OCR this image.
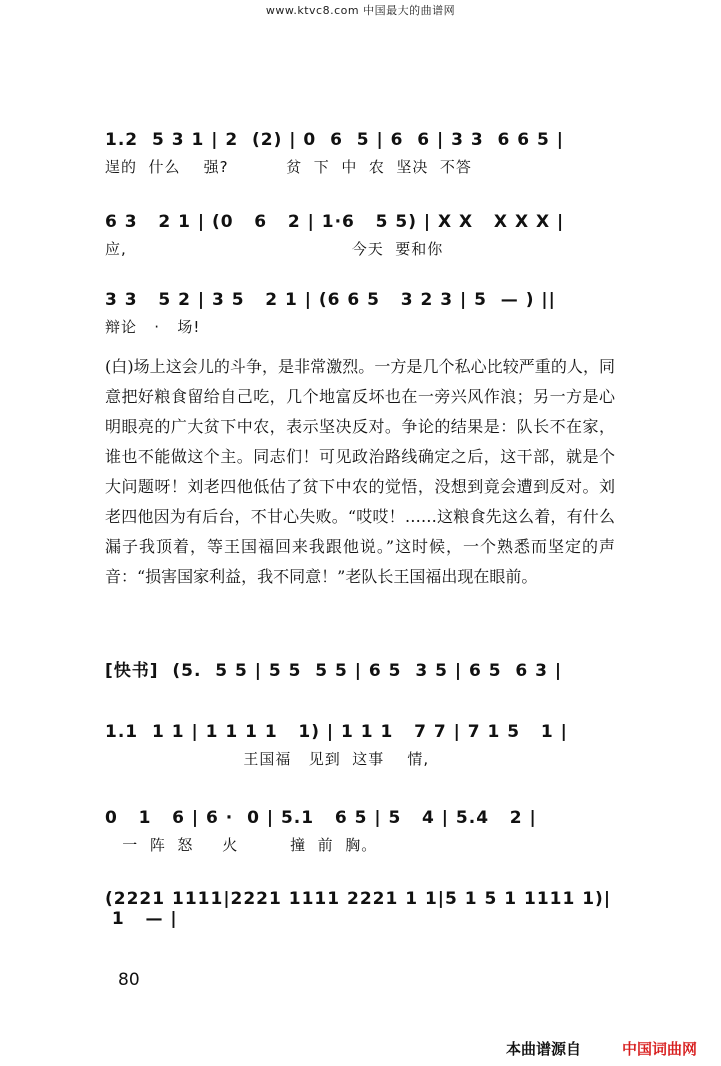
www.ktvc8.com 中国最大的曲谱网
1.2  5 3 1 | 2  (2) | 0  6  5 | 6  6 | 3 3  6 6 5 |
逞的  什么    强?          贫  下  中  农  坚决  不答
6 3   2 1 | (0   6   2 | 1·6   5 5) | X X   X X X |
应,                                       今天  要和你
3 3   5 2 | 3 5   2 1 | (6 6 5   3 2 3 | 5  — ) ||
辩论   ·   场!
(白)场上这会儿的斗争，是非常激烈。一方是几个私心比较严重的人，同意把好粮食留给自己吃，几个地富反坏也在一旁兴风作浪；另一方是心明眼亮的广大贫下中农，表示坚决反对。争论的结果是：队长不在家，谁也不能做这个主。同志们！可见政治路线确定之后，这干部，就是个大问题呀！刘老四他低估了贫下中农的觉悟，没想到竟会遭到反对。刘老四他因为有后台，不甘心失败。“哎哎！……这粮食先这么着，有什么漏子我顶着，等王国福回来我跟他说。”这时候，一个熟悉而坚定的声音：“损害国家利益，我不同意！”老队长王国福出现在眼前。
[快书]  (5.  5 5 | 5 5  5 5 | 6 5  3 5 | 6 5  6 3 |
1.1  1 1 | 1 1 1 1   1) | 1 1 1   7 7 | 7 1 5   1 |
王国福   见到  这事    情,
0   1   6 | 6 ·  0 | 5.1   6 5 | 5   4 | 5.4   2 |
一  阵  怒     火         撞  前  胸。
(2221 1111|2221 1111 2221 1 1|5 1 5 1 1111 1)|
1   — |
80
本曲谱源自	中国词曲网
